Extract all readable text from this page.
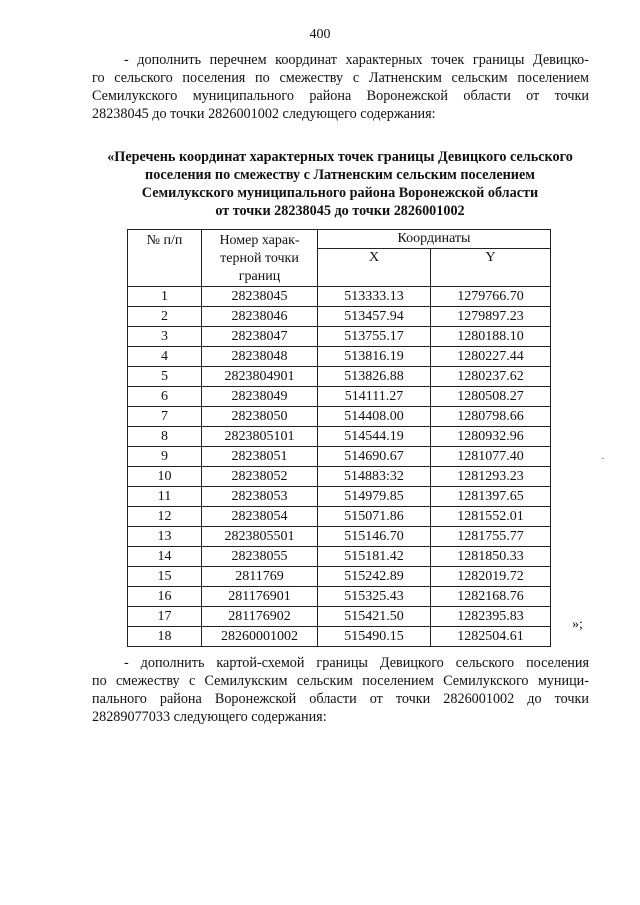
400
- дополнить перечнем координат характерных точек границы Девицко-
го сельского поселения по смежеству с Латненским сельским поселением
Семилукского муниципального района Воронежской области от точки
28238045 до точки 2826001002 следующего содержания:
«Перечень координат характерных точек границы Девицкого сельского
поселения по смежеству с Латненским сельским поселением
Семилукского муниципального района Воронежской области
от точки 28238045 до точки 2826001002
№ п/п	Номер харак-
терной точки
границ	Координаты	
		X	Y
1	28238045	513333.13	1279766.70
2	28238046	513457.94	1279897.23
3	28238047	513755.17	1280188.10
4	28238048	513816.19	1280227.44
5	2823804901	513826.88	1280237.62
6	28238049	514111.27	1280508.27
7	28238050	514408.00	1280798.66
8	2823805101	514544.19	1280932.96
9	28238051	514690.67	1281077.40
10	28238052	514883:32	1281293.23
11	28238053	514979.85	1281397.65
12	28238054	515071.86	1281552.01
13	2823805501	515146.70	1281755.77
14	28238055	515181.42	1281850.33
15	2811769	515242.89	1282019.72
16	281176901	515325.43	1282168.76
17	281176902	515421.50	1282395.83
18	28260001002	515490.15	1282504.61
»;
·
- дополнить картой-схемой границы Девицкого сельского поселения
по смежеству с Семилукским сельским поселением Семилукского муници-
пального района Воронежской области от точки 2826001002 до точки
28289077033 следующего содержания:
